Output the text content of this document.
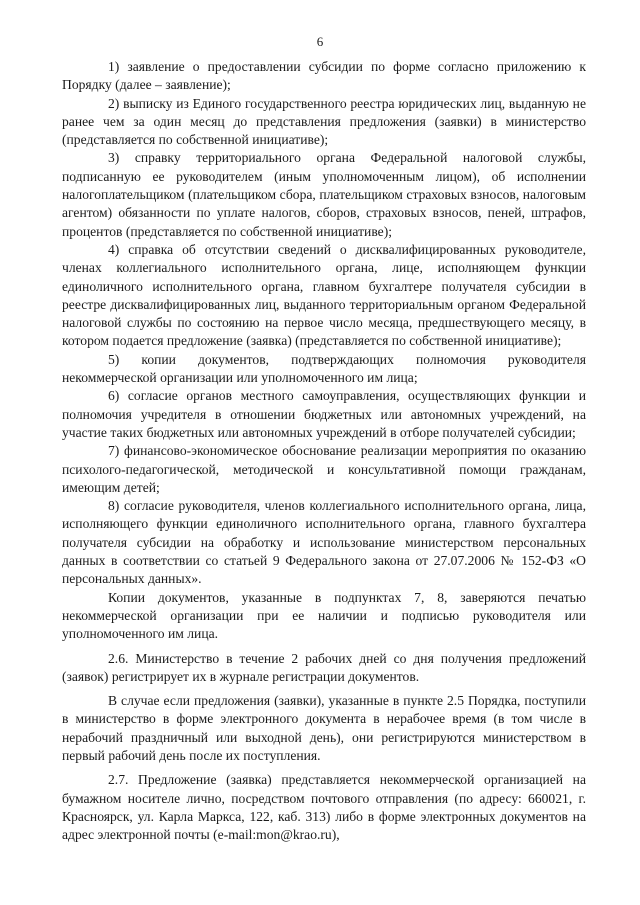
6

1) заявление о предоставлении субсидии по форме согласно приложению к Порядку (далее – заявление);

2) выписку из Единого государственного реестра юридических лиц, выданную не ранее чем за один месяц до представления предложения (заявки) в министерство (представляется по собственной инициативе);

3) справку территориального органа Федеральной налоговой службы, подписанную ее руководителем (иным уполномоченным лицом), об исполнении налогоплательщиком (плательщиком сбора, плательщиком страховых взносов, налоговым агентом) обязанности по уплате налогов, сборов, страховых взносов, пеней, штрафов, процентов (представляется по собственной инициативе);

4) справка об отсутствии сведений о дисквалифицированных руководителе, членах коллегиального исполнительного органа, лице, исполняющем функции единоличного исполнительного органа, главном бухгалтере получателя субсидии в реестре дисквалифицированных лиц, выданного территориальным органом Федеральной налоговой службы по состоянию на первое число месяца, предшествующего месяцу, в котором подается предложение (заявка) (представляется по собственной инициативе);

5) копии документов, подтверждающих полномочия руководителя некоммерческой организации или уполномоченного им лица;

6) согласие органов местного самоуправления, осуществляющих функции и полномочия учредителя в отношении бюджетных или автономных учреждений, на участие таких бюджетных или автономных учреждений в отборе получателей субсидии;

7) финансово-экономическое обоснование реализации мероприятия по оказанию психолого-педагогической, методической и консультативной помощи гражданам, имеющим детей;

8) согласие руководителя, членов коллегиального исполнительного органа, лица, исполняющего функции единоличного исполнительного органа, главного бухгалтера получателя субсидии на обработку и использование министерством персональных данных в соответствии со статьей 9 Федерального закона от 27.07.2006 № 152-ФЗ «О персональных данных».

Копии документов, указанные в подпунктах 7, 8, заверяются печатью некоммерческой организации при ее наличии и подписью руководителя или уполномоченного им лица.

2.6. Министерство в течение 2 рабочих дней со дня получения предложений (заявок) регистрирует их в журнале регистрации документов.

В случае если предложения (заявки), указанные в пункте 2.5 Порядка, поступили в министерство в форме электронного документа в нерабочее время (в том числе в нерабочий праздничный или выходной день), они регистрируются министерством в первый рабочий день после их поступления.

2.7. Предложение (заявка) представляется некоммерческой организацией на бумажном носителе лично, посредством почтового отправления (по адресу: 660021, г. Красноярск, ул. Карла Маркса, 122, каб. 313) либо в форме электронных документов на адрес электронной почты (e-mail:mon@krao.ru),
